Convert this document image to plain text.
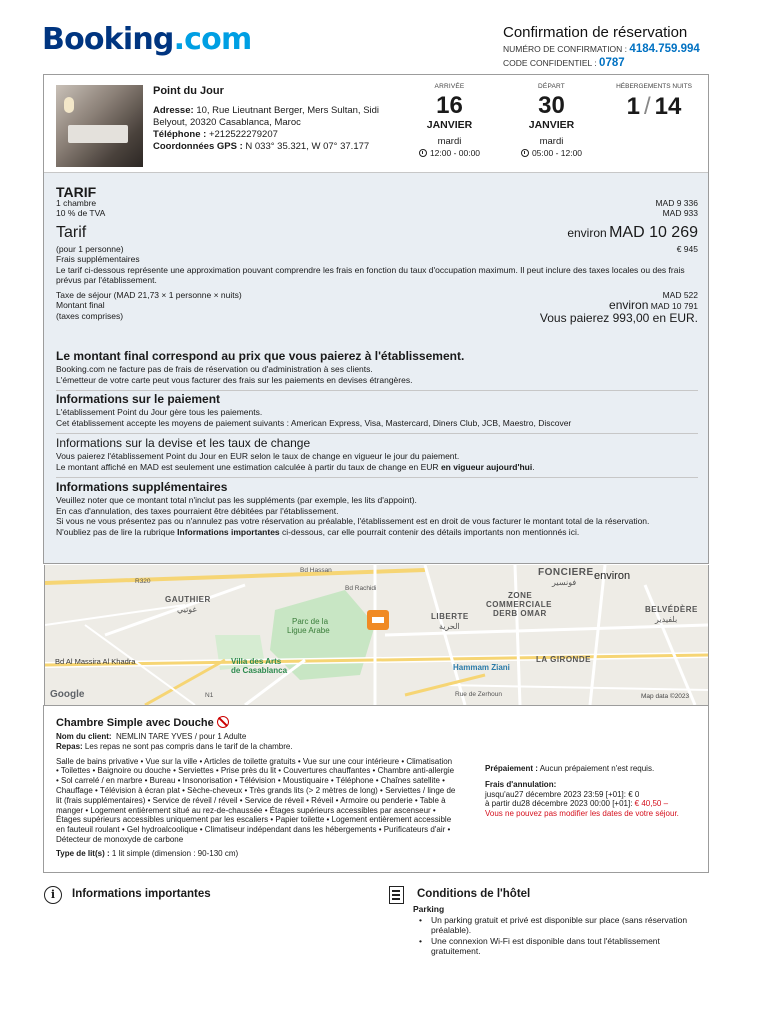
Booking.com	Confirmation de réservation
NUMÉRO DE CONFIRMATION : 4184.759.994
CODE CONFIDENTIEL : 0787
Point du Jour
Adresse: 10, Rue Lieutnant Berger, Mers Sultan, Sidi Belyout, 20320 Casablanca, Maroc
Téléphone : +212522279207
Coordonnées GPS : N 033° 35.321, W 07° 37.177
ARRIVÉE
16
JANVIER
mardi
12:00 - 00:00
DÉPART
30
JANVIER
mardi
05:00 - 12:00
HÉBERGEMENTS NUITS
1 / 14
TARIF
1 chambre	MAD 9 336
10 % de TVA	MAD 933
Tarif	environ MAD 10 269
(pour 1 personne)	€ 945
Frais supplémentaires
Le tarif ci-dessous représente une approximation pouvant comprendre les frais en fonction du taux d'occupation maximum. Il peut inclure des taxes locales ou des frais prévus par l'établissement.
Taxe de séjour (MAD 21,73 × 1 personne × nuits)	MAD 522
Montant final	environ MAD 10 791
(taxes comprises)	Vous paierez 993,00 en EUR.
Le montant final correspond au prix que vous paierez à l'établissement.
Booking.com ne facture pas de frais de réservation ou d'administration à ses clients.
L'émetteur de votre carte peut vous facturer des frais sur les paiements en devises étrangères.
Informations sur le paiement
L'établissement Point du Jour gère tous les paiements.
Cet établissement accepte les moyens de paiement suivants : American Express, Visa, Mastercard, Diners Club, JCB, Maestro, Discover
Informations sur la devise et les taux de change
Vous paierez l'établissement Point du Jour en EUR selon le taux de change en vigueur le jour du paiement.
Le montant affiché en MAD est seulement une estimation calculée à partir du taux de change en EUR en vigueur aujourd'hui.
Informations supplémentaires
Veuillez noter que ce montant total n'inclut pas les suppléments (par exemple, les lits d'appoint).
En cas d'annulation, des taxes pourraient être débitées par l'établissement.
Si vous ne vous présentez pas ou n'annulez pas votre réservation au préalable, l'établissement est en droit de vous facturer le montant total de la réservation.
N'oubliez pas de lire la rubrique Informations importantes ci-dessous, car elle pourrait contenir des détails importants non mentionnés ici.
FONCIERE
فونسير
environ
GAUTHIER
غوتيي
ZONE
COMMERCIALE
DERB OMAR	BELVÉDÈRE
بلفيدير
Parc de la
Ligue Arabe
LIBERTE
الحرية
Villa des Arts
de Casablanca	Hammam Ziani
LA GIRONDE
Bd Al Massira Al Khadra
R320
N1
Bd Hassan
Bd Rachidi
Rue de Zerhoun
Google	Map data ©2023
Chambre Simple avec Douche
Nom du client: NEMLIN TARE YVES / pour 1 Adulte
Repas: Les repas ne sont pas compris dans le tarif de la chambre.
Salle de bains privative • Vue sur la ville • Articles de toilette gratuits • Vue sur une cour intérieure • Climatisation • Toilettes • Baignoire ou douche • Serviettes • Prise près du lit • Couvertures chauffantes • Chambre anti-allergie • Sol carrelé / en marbre • Bureau • Insonorisation • Télévision • Moustiquaire • Téléphone • Chaînes satellite • Chauffage • Télévision à écran plat • Sèche-cheveux • Très grands lits (> 2 mètres de long) • Serviettes / linge de lit (frais supplémentaires) • Service de réveil / réveil • Service de réveil • Réveil • Armoire ou penderie • Table à manger • Logement entièrement situé au rez-de-chaussée • Étages supérieurs accessibles par ascenseur • Étages supérieurs accessibles uniquement par les escaliers • Papier toilette • Logement entièrement accessible en fauteuil roulant • Gel hydroalcoolique • Climatiseur indépendant dans les hébergements • Purificateurs d'air • Détecteur de monoxyde de carbone
Type de lit(s) : 1 lit simple (dimension : 90-130 cm)
Prépaiement : Aucun prépaiement n'est requis.
Frais d'annulation:
jusqu'au27 décembre 2023 23:59 [+01]: € 0
à partir du28 décembre 2023 00:00 [+01]: € 40,50 –
Vous ne pouvez pas modifier les dates de votre séjour.
i	Informations importantes	Conditions de l'hôtel
Parking
• Un parking gratuit et privé est disponible sur place (sans réservation préalable).
• Une connexion Wi-Fi est disponible dans tout l'établissement gratuitement.
